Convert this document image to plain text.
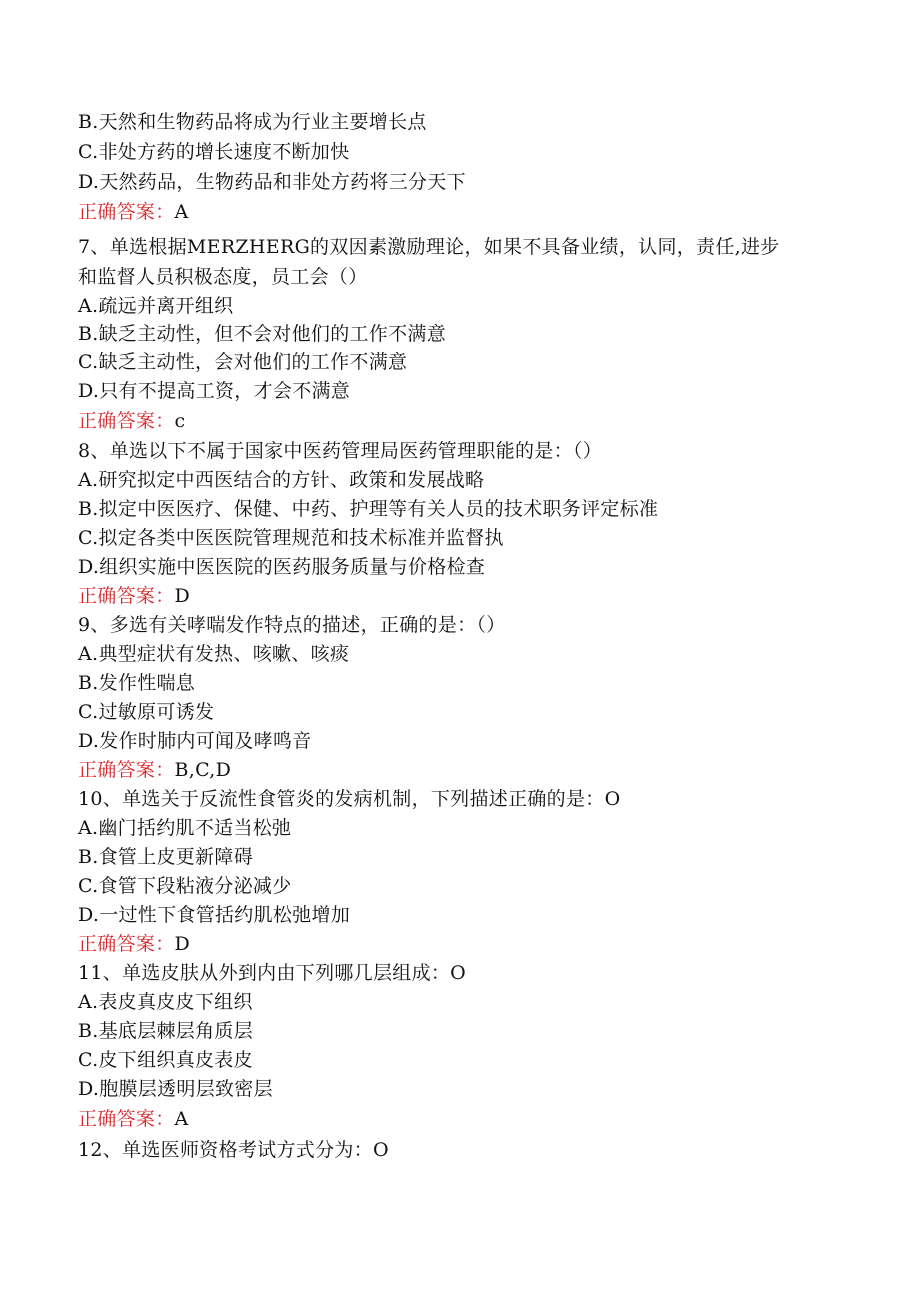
B.天然和生物药品将成为行业主要增长点
C.非处方药的增长速度不断加快
D.天然药品，生物药品和非处方药将三分天下
正确答案：A
7、单选根据MERZHERG的双因素激励理论，如果不具备业绩，认同，责任,进步
和监督人员积极态度，员工会（）
A.疏远并离开组织
B.缺乏主动性，但不会对他们的工作不满意
C.缺乏主动性，会对他们的工作不满意
D.只有不提高工资，才会不满意
正确答案：c
8、单选以下不属于国家中医药管理局医药管理职能的是：（）
A.研究拟定中西医结合的方针、政策和发展战略
B.拟定中医医疗、保健、中药、护理等有关人员的技术职务评定标准
C.拟定各类中医医院管理规范和技术标准并监督执
D.组织实施中医医院的医药服务质量与价格检查
正确答案：D
9、多选有关哮喘发作特点的描述，正确的是：（）
A.典型症状有发热、咳嗽、咳痰
B.发作性喘息
C.过敏原可诱发
D.发作时肺内可闻及哮鸣音
正确答案：B,C,D
10、单选关于反流性食管炎的发病机制，下列描述正确的是：O
A.幽门括约肌不适当松弛
B.食管上皮更新障碍
C.食管下段粘液分泌减少
D.一过性下食管括约肌松弛增加
正确答案：D
11、单选皮肤从外到内由下列哪几层组成：O
A.表皮真皮皮下组织
B.基底层棘层角质层
C.皮下组织真皮表皮
D.胞膜层透明层致密层
正确答案：A
12、单选医师资格考试方式分为：O
